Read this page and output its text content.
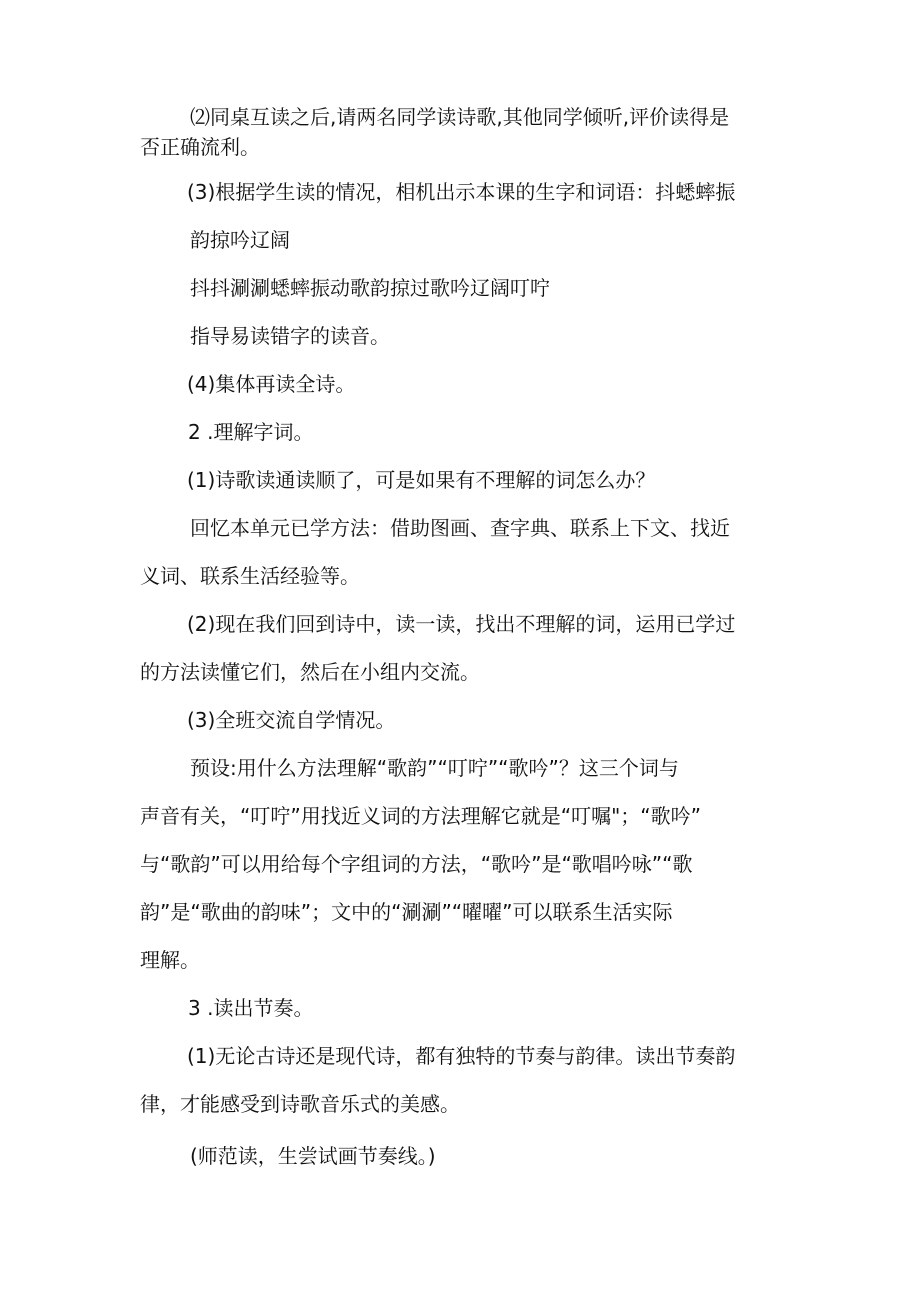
⑵同桌互读之后,请两名同学读诗歌,其他同学倾听,评价读得是
否正确流利。
(3)根据学生读的情况，相机出示本课的生字和词语：抖蟋蟀振
韵掠吟辽阔
抖抖涮涮蟋蟀振动歌韵掠过歌吟辽阔叮咛
指导易读错字的读音。
(4)集体再读全诗。
2 .理解字词。
(1)诗歌读通读顺了，可是如果有不理解的词怎么办？
回忆本单元已学方法：借助图画、查字典、联系上下文、找近
义词、联系生活经验等。
(2)现在我们回到诗中，读一读，找出不理解的词，运用已学过
的方法读懂它们，然后在小组内交流。
(3)全班交流自学情况。
预设:用什么方法理解“歌韵”“叮咛”“歌吟”？这三个词与
声音有关，“叮咛”用找近义词的方法理解它就是“叮嘱"；“歌吟”
与“歌韵”可以用给每个字组词的方法，“歌吟”是“歌唱吟咏”“歌
韵”是“歌曲的韵味”；文中的“涮涮”“曜曜”可以联系生活实际
理解。
3 .读出节奏。
(1)无论古诗还是现代诗，都有独特的节奏与韵律。读出节奏韵
律，才能感受到诗歌音乐式的美感。
(师范读，生尝试画节奏线。)
